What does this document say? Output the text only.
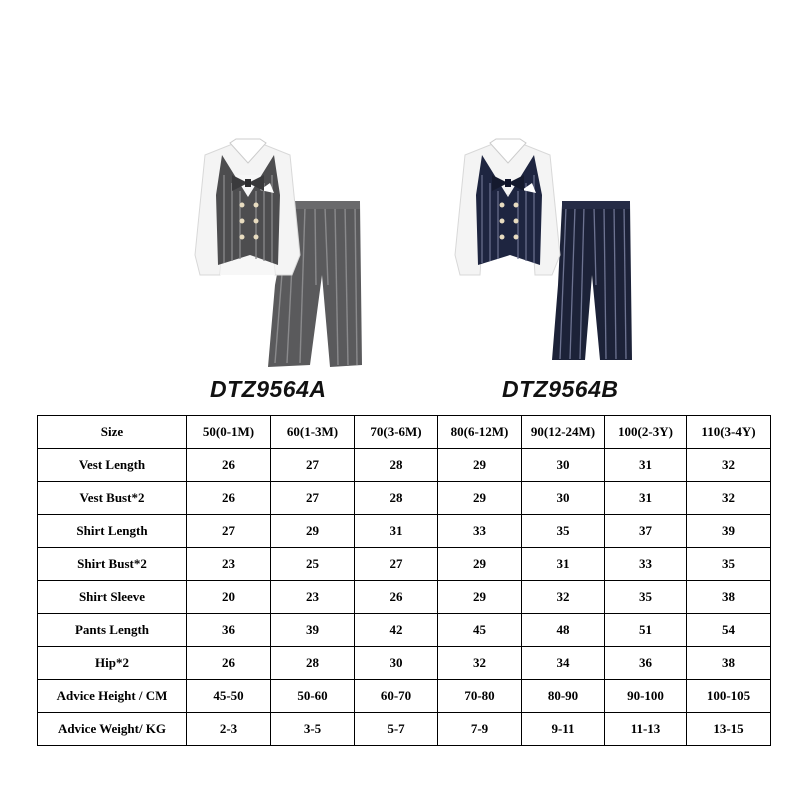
DTZ9564A	DTZ9564B
Size	50(0-1M)	60(1-3M)	70(3-6M)	80(6-12M)	90(12-24M)	100(2-3Y)	110(3-4Y)
Vest Length	26	27	28	29	30	31	32
Vest Bust*2	26	27	28	29	30	31	32
Shirt Length	27	29	31	33	35	37	39
Shirt Bust*2	23	25	27	29	31	33	35
Shirt Sleeve	20	23	26	29	32	35	38
Pants Length	36	39	42	45	48	51	54
Hip*2	26	28	30	32	34	36	38
Advice Height / CM	45-50	50-60	60-70	70-80	80-90	90-100	100-105
Advice Weight/ KG	2-3	3-5	5-7	7-9	9-11	11-13	13-15
